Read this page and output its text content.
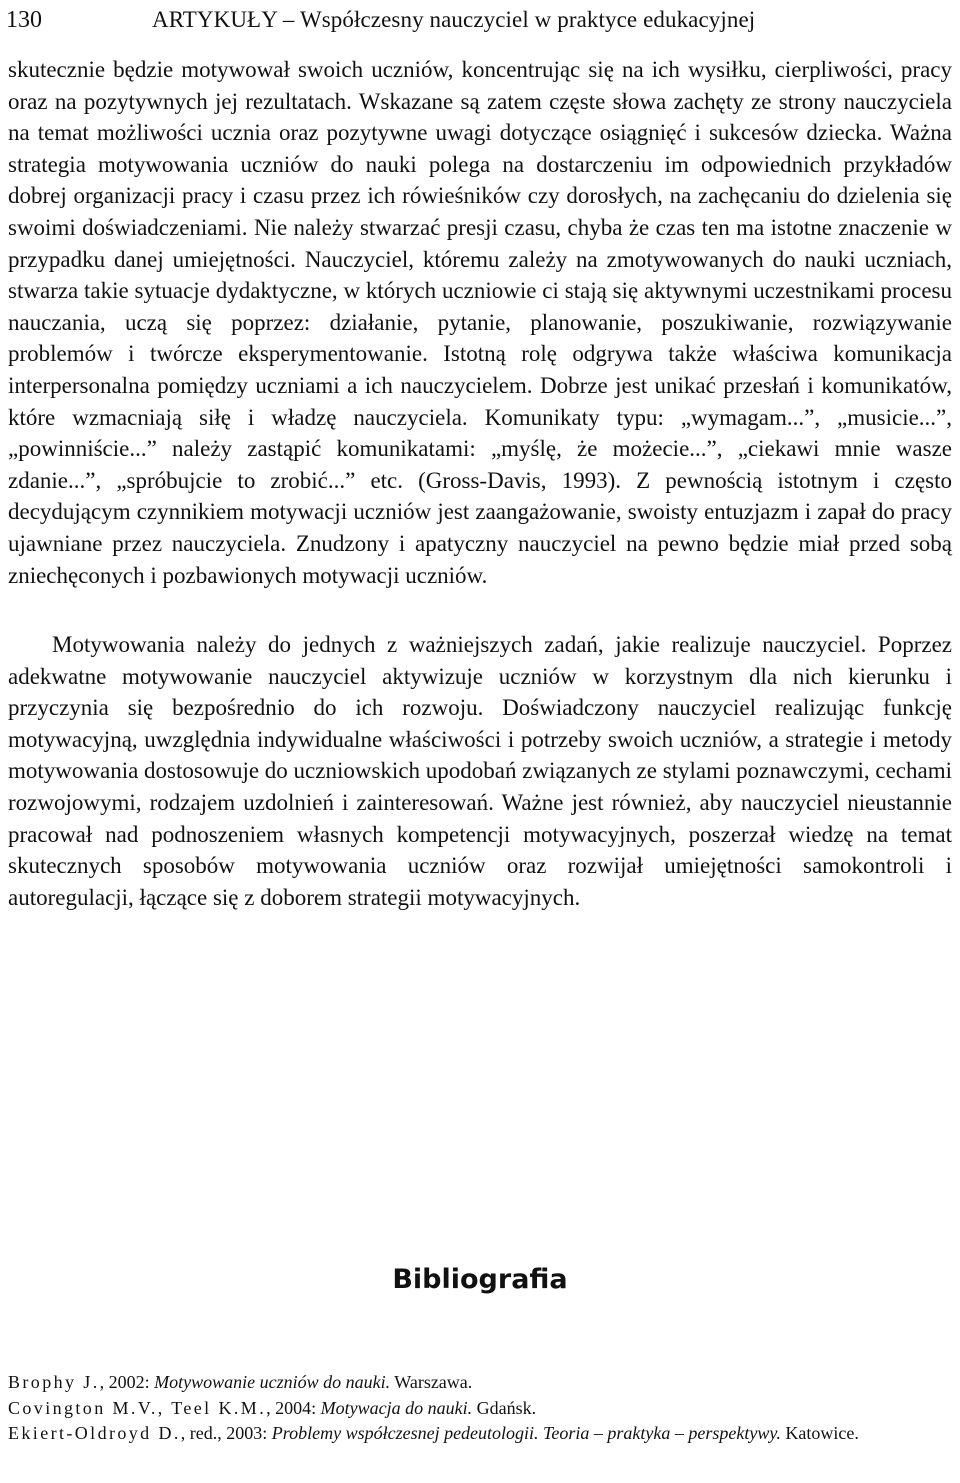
130	ARTYKUŁY – Współczesny nauczyciel w praktyce edukacyjnej

skutecznie będzie motywował swoich uczniów, koncentrując się na ich wysiłku, cierpliwości, pracy oraz na pozytywnych jej rezultatach. Wskazane są zatem częste słowa zachęty ze strony nauczyciela na temat możliwości ucznia oraz pozytywne uwagi dotyczące osiągnięć i sukcesów dziecka. Ważna strategia motywowania uczniów do nauki polega na dostarczeniu im odpowiednich przykładów dobrej organizacji pracy i czasu przez ich rówieśników czy dorosłych, na zachęcaniu do dzielenia się swoimi doświadczeniami. Nie należy stwarzać presji czasu, chyba że czas ten ma istotne znaczenie w przypadku danej umiejętności. Nauczyciel, któremu zależy na zmotywowanych do nauki uczniach, stwarza takie sytuacje dydaktyczne, w których uczniowie ci stają się aktywnymi uczestnikami procesu nauczania, uczą się poprzez: działanie, pytanie, planowanie, poszukiwanie, rozwiązywanie problemów i twórcze eksperymentowanie. Istotną rolę odgrywa także właściwa komunikacja interpersonalna pomiędzy uczniami a ich nauczycielem. Dobrze jest unikać przesłań i komunikatów, które wzmacniają siłę i władzę nauczyciela. Komunikaty typu: „wymagam...”, „musicie...”, „powinniście...” należy zastąpić komunikatami: „myślę, że możecie...”, „ciekawi mnie wasze zdanie...”, „spróbujcie to zrobić...” etc. (Gross-Davis, 1993). Z pewnością istotnym i często decydującym czynnikiem motywacji uczniów jest zaangażowanie, swoisty entuzjazm i zapał do pracy ujawniane przez nauczyciela. Znudzony i apatyczny nauczyciel na pewno będzie miał przed sobą zniechęconych i pozbawionych motywacji uczniów.

Motywowania należy do jednych z ważniejszych zadań, jakie realizuje nauczyciel. Poprzez adekwatne motywowanie nauczyciel aktywizuje uczniów w korzystnym dla nich kierunku i przyczynia się bezpośrednio do ich rozwoju. Doświadczony nauczyciel realizując funkcję motywacyjną, uwzględnia indywidualne właściwości i potrzeby swoich uczniów, a strategie i metody motywowania dostosowuje do uczniowskich upodobań związanych ze stylami poznawczymi, cechami rozwojowymi, rodzajem uzdolnień i zainteresowań. Ważne jest również, aby nauczyciel nieustannie pracował nad podnoszeniem własnych kompetencji motywacyjnych, poszerzał wiedzę na temat skutecznych sposobów motywowania uczniów oraz rozwijał umiejętności samokontroli i autoregulacji, łączące się z doborem strategii motywacyjnych.

Bibliografia

Brophy J., 2002: Motywowanie uczniów do nauki. Warszawa.

Covington M.V., Teel K.M., 2004: Motywacja do nauki. Gdańsk.

Ekiert-Oldroyd D., red., 2003: Problemy współczesnej pedeutologii. Teoria – praktyka – perspektywy. Katowice.
